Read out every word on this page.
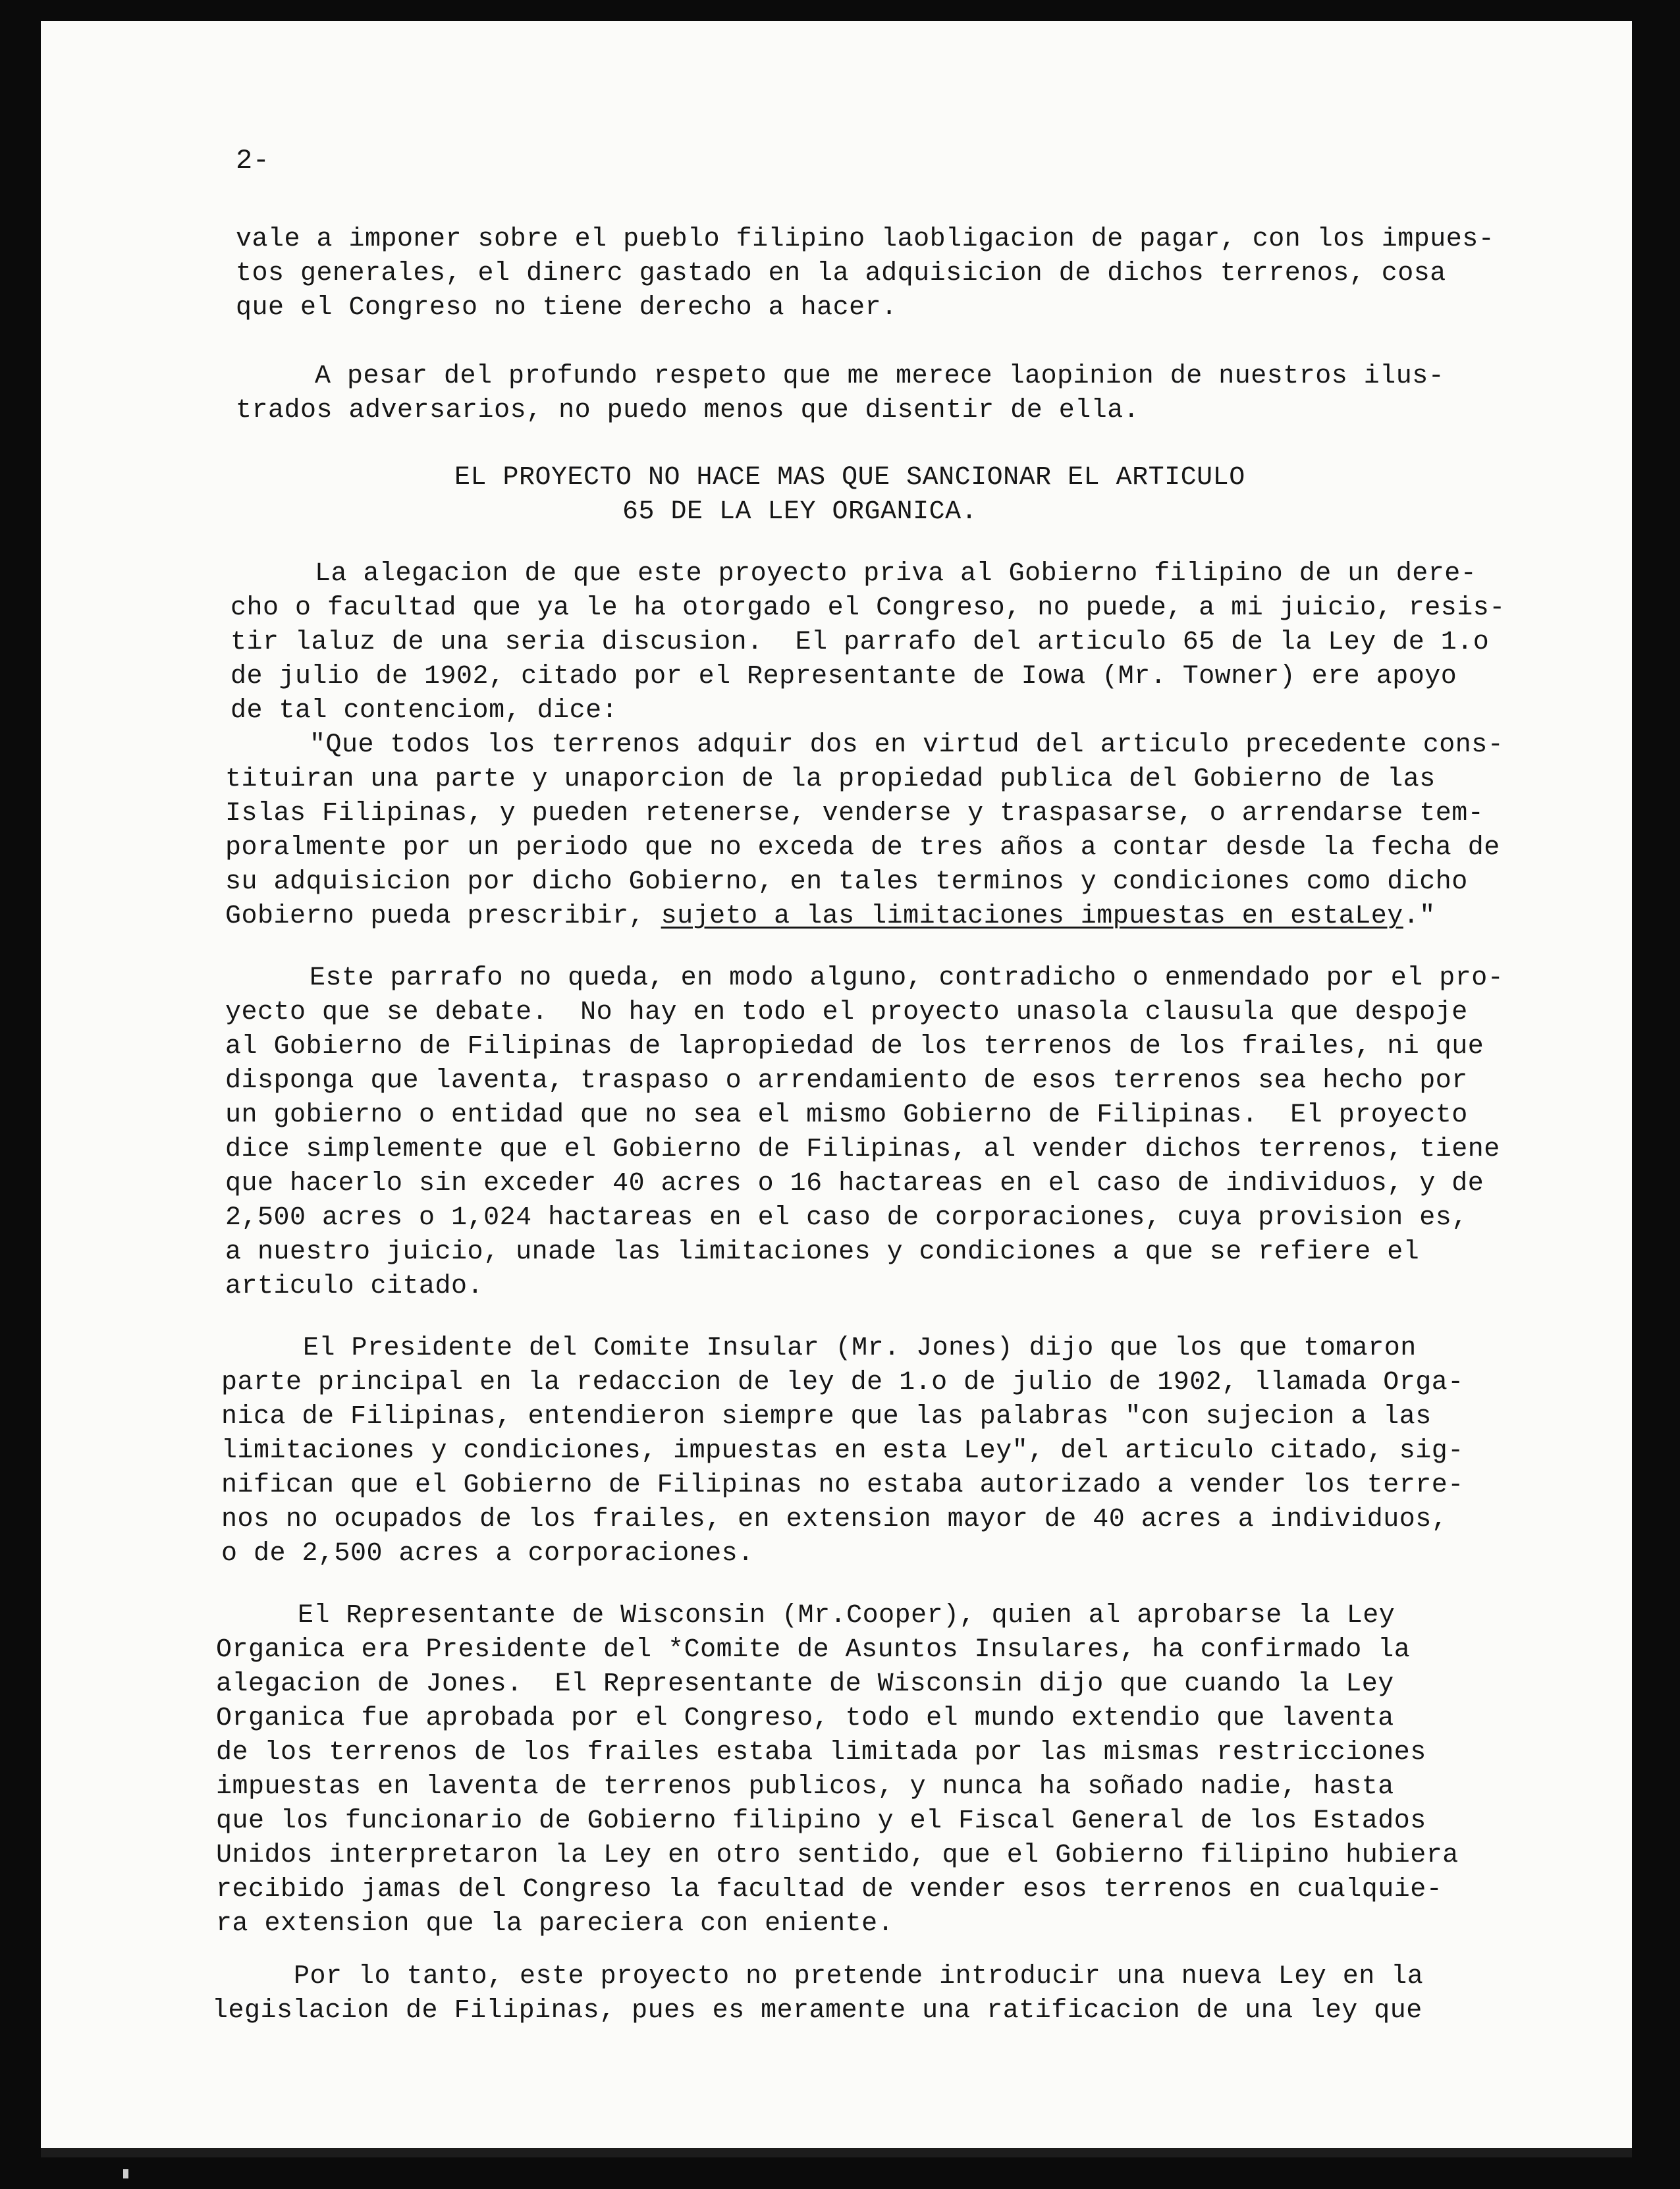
2-
vale a imponer sobre el pueblo filipino laobligacion de pagar, con los impues-
tos generales, el dinerc gastado en la adquisicion de dichos terrenos, cosa
que el Congreso no tiene derecho a hacer.
A pesar del profundo respeto que me merece laopinion de nuestros ilus-
trados adversarios, no puedo menos que disentir de ella.
EL PROYECTO NO HACE MAS QUE SANCIONAR EL ARTICULO
65 DE LA LEY ORGANICA.
La alegacion de que este proyecto priva al Gobierno filipino de un dere-
cho o facultad que ya le ha otorgado el Congreso, no puede, a mi juicio, resis-
tir laluz de una seria discusion.  El parrafo del articulo 65 de la Ley de 1.o
de julio de 1902, citado por el Representante de Iowa (Mr. Towner) ere apoyo
de tal contenciom, dice:
"Que todos los terrenos adquir dos en virtud del articulo precedente cons-
tituiran una parte y unaporcion de la propiedad publica del Gobierno de las
Islas Filipinas, y pueden retenerse, venderse y traspasarse, o arrendarse tem-
poralmente por un periodo que no exceda de tres años a contar desde la fecha de
su adquisicion por dicho Gobierno, en tales terminos y condiciones como dicho
Gobierno pueda prescribir, sujeto a las limitaciones impuestas en estaLey."
Este parrafo no queda, en modo alguno, contradicho o enmendado por el pro-
yecto que se debate.  No hay en todo el proyecto unasola clausula que despoje
al Gobierno de Filipinas de lapropiedad de los terrenos de los frailes, ni que
disponga que laventa, traspaso o arrendamiento de esos terrenos sea hecho por
un gobierno o entidad que no sea el mismo Gobierno de Filipinas.  El proyecto
dice simplemente que el Gobierno de Filipinas, al vender dichos terrenos, tiene
que hacerlo sin exceder 40 acres o 16 hactareas en el caso de individuos, y de
2,500 acres o 1,024 hactareas en el caso de corporaciones, cuya provision es,
a nuestro juicio, unade las limitaciones y condiciones a que se refiere el
articulo citado.
El Presidente del Comite Insular (Mr. Jones) dijo que los que tomaron
parte principal en la redaccion de ley de 1.o de julio de 1902, llamada Orga-
nica de Filipinas, entendieron siempre que las palabras "con sujecion a las
limitaciones y condiciones, impuestas en esta Ley", del articulo citado, sig-
nifican que el Gobierno de Filipinas no estaba autorizado a vender los terre-
nos no ocupados de los frailes, en extension mayor de 40 acres a individuos,
o de 2,500 acres a corporaciones.
El Representante de Wisconsin (Mr.Cooper), quien al aprobarse la Ley
Organica era Presidente del *Comite de Asuntos Insulares, ha confirmado la
alegacion de Jones.  El Representante de Wisconsin dijo que cuando la Ley
Organica fue aprobada por el Congreso, todo el mundo extendio que laventa
de los terrenos de los frailes estaba limitada por las mismas restricciones
impuestas en laventa de terrenos publicos, y nunca ha soñado nadie, hasta
que los funcionario de Gobierno filipino y el Fiscal General de los Estados
Unidos interpretaron la Ley en otro sentido, que el Gobierno filipino hubiera
recibido jamas del Congreso la facultad de vender esos terrenos en cualquie-
ra extension que la pareciera con eniente.
Por lo tanto, este proyecto no pretende introducir una nueva Ley en la
legislacion de Filipinas, pues es meramente una ratificacion de una ley que
